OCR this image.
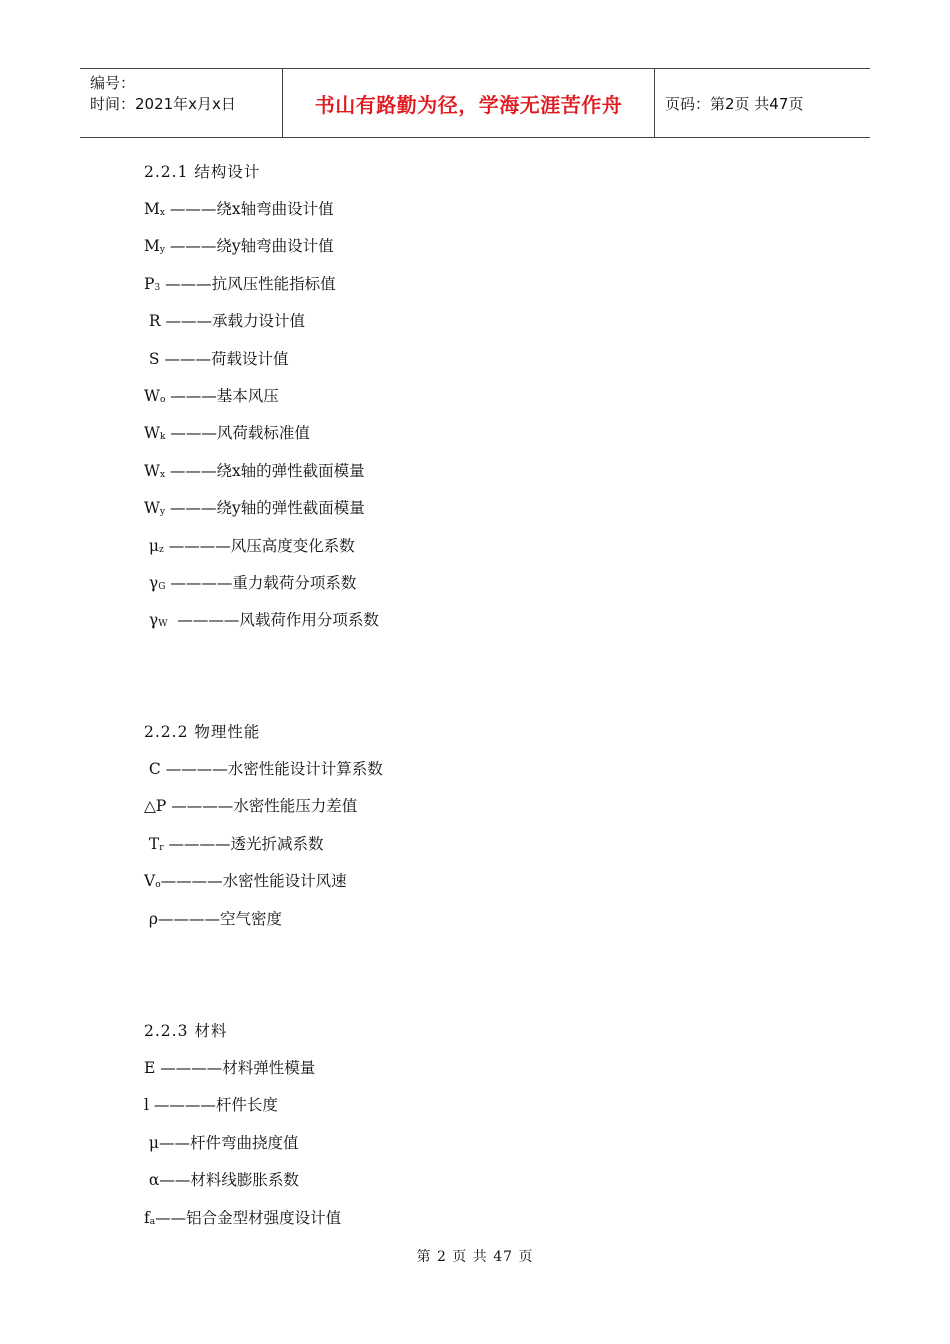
编号：
时间：2021年x月x日	书山有路勤为径，学海无涯苦作舟	页码：第2页 共47页
2.2.1 结构设计
$M_x$ ———绕x轴弯曲设计值
$M_y$ ———绕y轴弯曲设计值
$P_3$ ———抗风压性能指标值
R ———承载力设计值
S ———荷载设计值
$W_o$ ———基本风压
$W_k$ ———风荷载标准值
$W_x$ ———绕x轴的弹性截面模量
$W_y$ ———绕y轴的弹性截面模量
$\mu_z$ ————风压高度变化系数
$\gamma_G$ ————重力载荷分项系数
$\gamma_W$  ————风载荷作用分项系数
2.2.2 物理性能
C ————水密性能设计计算系数
△P ————水密性能压力差值
$T_r$ ————透光折减系数
$V_o————$水密性能设计风速
ρ————空气密度
2.2.3 材料
E ————材料弹性模量
l ————杆件长度
μ——杆件弯曲挠度值
α——材料线膨胀系数
$f_a——$铝合金型材强度设计值
第 2 页 共 47 页
